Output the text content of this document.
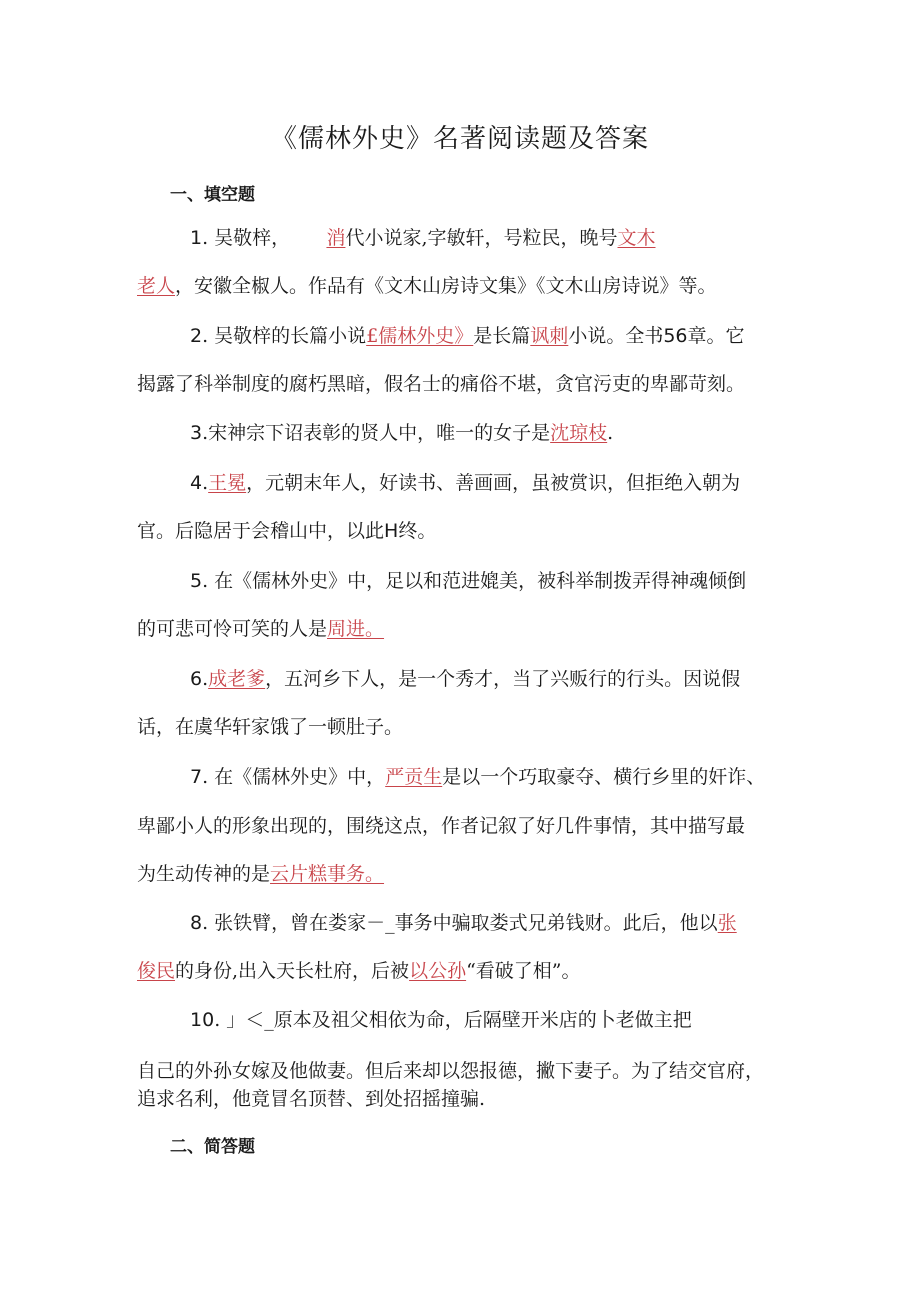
《儒林外史》名著阅读题及答案
一、填空题
1. 吴敬梓， 消代小说家,字敏轩，号粒民，晚号文木
老人，安徽全椒人。作品有《文木山房诗文集》《文木山房诗说》等。
2. 吴敬梓的长篇小说£儒林外史》是长篇讽刺小说。全书56章。它
揭露了科举制度的腐朽黑暗，假名士的痛俗不堪，贪官污吏的卑鄙苛刻。
3.宋神宗下诏表彰的贤人中，唯一的女子是沈琼枝.
4.王冕，元朝末年人，好读书、善画画，虽被赏识，但拒绝入朝为
官。后隐居于会稽山中，以此H终。
5. 在《儒林外史》中，足以和范进媲美，被科举制拨弄得神魂倾倒
的可悲可怜可笑的人是周进。
6.成老爹，五河乡下人，是一个秀才，当了兴贩行的行头。因说假
话，在虞华轩家饿了一顿肚子。
7. 在《儒林外史》中，严贡生是以一个巧取豪夺、横行乡里的奸诈、
卑鄙小人的形象出现的，围绕这点，作者记叙了好几件事情，其中描写最
为生动传神的是云片糕事务。
8. 张铁臂，曾在娄家－_事务中骗取娄式兄弟钱财。此后，他以张
俊民的身份,出入天长杜府，后被以公孙“看破了相”。
10. 」＜_原本及祖父相依为命，后隔壁开米店的卜老做主把
自己的外孙女嫁及他做妻。但后来却以怨报德，撇下妻子。为了结交官府，
追求名利，他竟冒名顶替、到处招摇撞骗.
二、简答题
